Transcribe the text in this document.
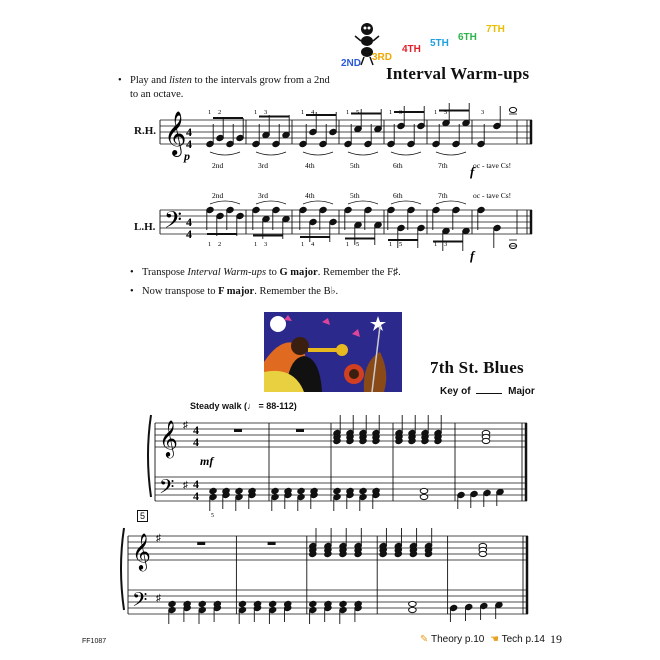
2ND
3RD
4TH
5TH
6TH
7TH
Interval Warm-ups
• Play and listen to the intervals grow from a 2nd to an octave.
R.H. 𝄞 4
4
p
2nd
1 2
3rd
1 3
4th
1 4
5th
1 5
6th
1 3
7th
1 5
oc - tave Cs!
3
f
L.H. 𝄢 4
4
2nd
1 2
3rd
1 3
4th
1 4
5th
1 5
6th
1 5
7th
1 3
oc - tave Cs!
f
• Transpose Interval Warm-ups to G major. Remember the F♯.
• Now transpose to F major. Remember the B♭.
7th St. Blues
Key of	Major
Steady walk (♩ = 88-112)
𝄞
𝄢
♯
♯
4
4
4
4
mf
5
5
𝄞
𝄢
♯
♯
FF1087	✎ Theory p.10 ☚ Tech p.14 19
